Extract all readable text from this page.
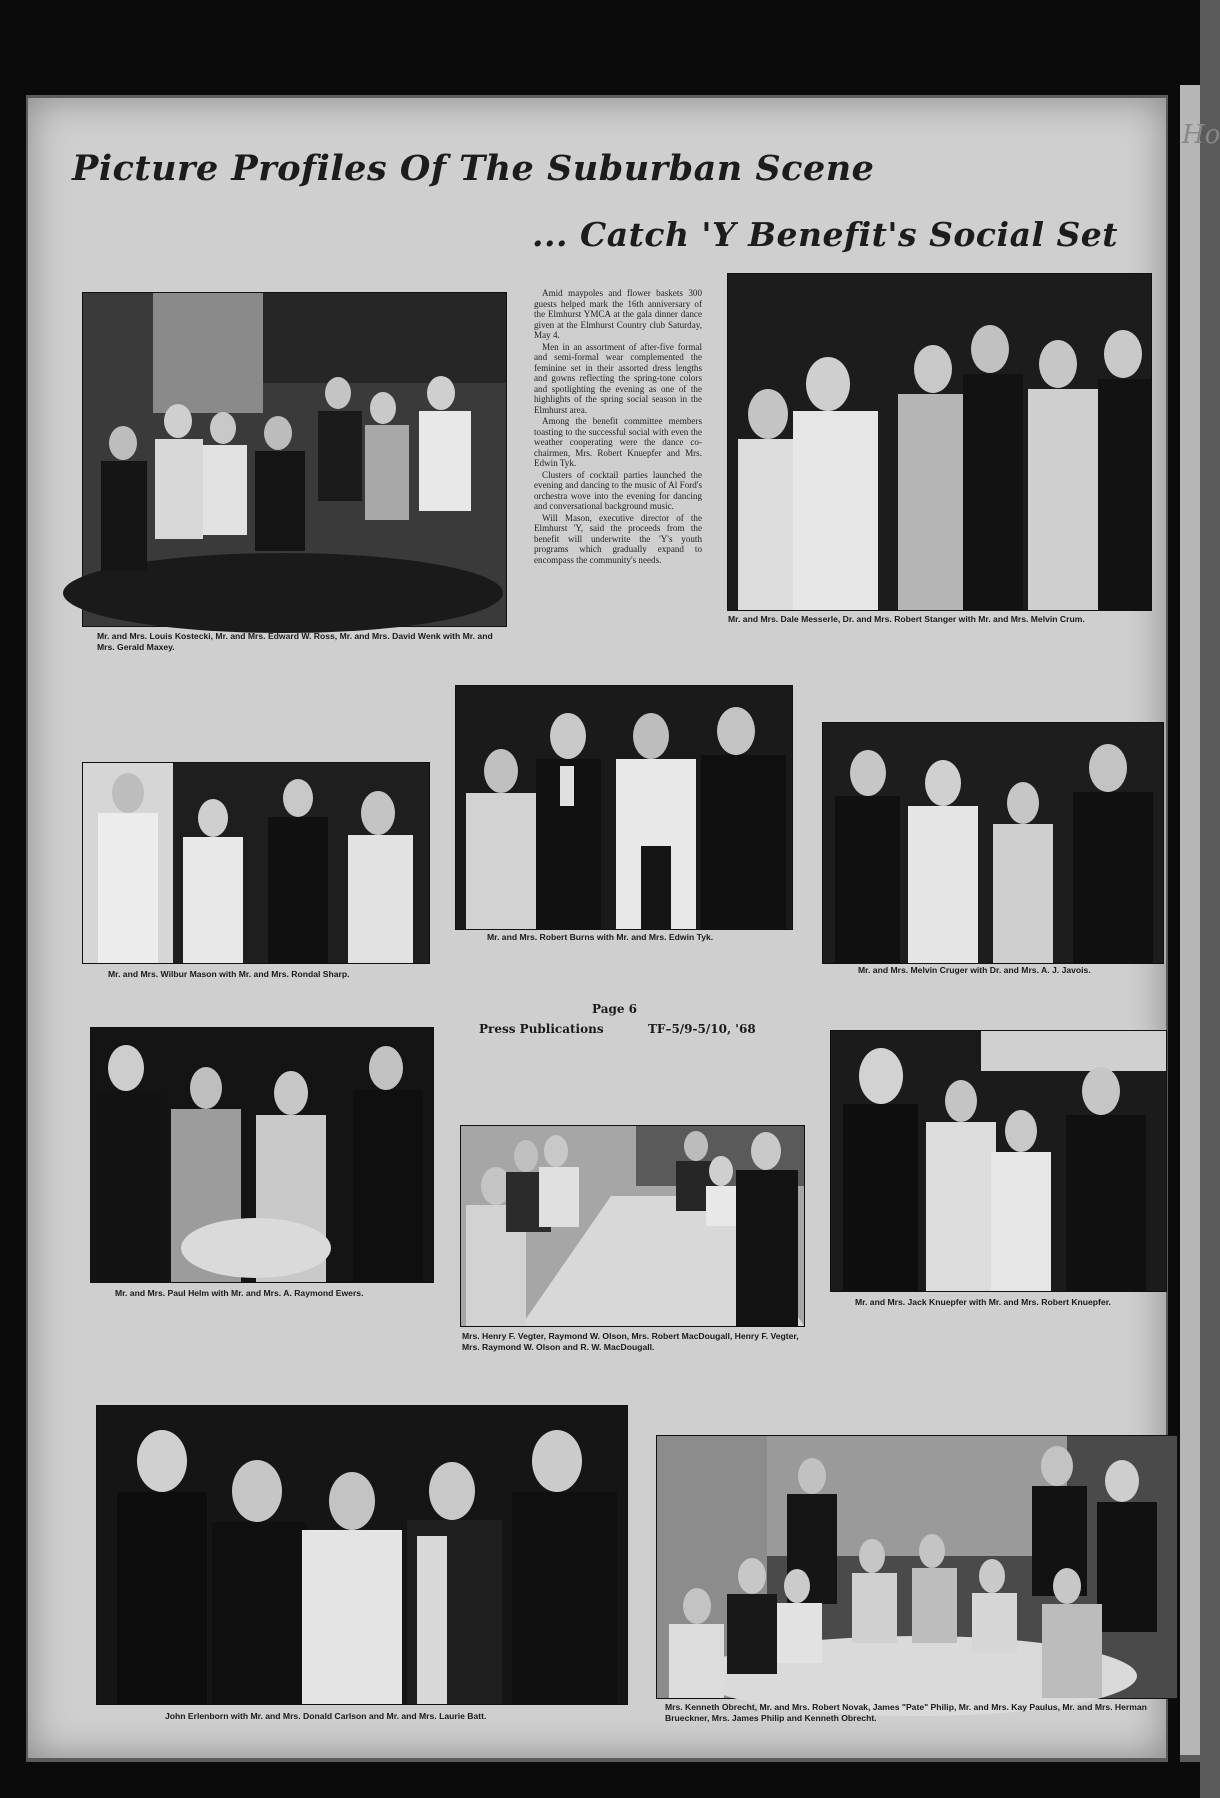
Ho
Picture Profiles Of The Suburban Scene
... Catch 'Y Benefit's Social Set

Amid maypoles and flower baskets 300 guests helped mark the 16th anniversary of the Elmhurst YMCA at the gala dinner dance given at the Elmhurst Country club Saturday, May 4.

Men in an assortment of after-five formal and semi-formal wear complemented the feminine set in their assorted dress lengths and gowns reflecting the spring-tone colors and spotlighting the evening as one of the highlights of the spring social season in the Elmhurst area.

Among the benefit committee members toasting to the successful social with even the weather cooperating were the dance co-chairmen, Mrs. Robert Knuepfer and Mrs. Edwin Tyk.

Clusters of cocktail parties launched the evening and dancing to the music of Al Ford's orchestra wove into the evening for dancing and conversational background music.

Will Mason, executive director of the Elmhurst 'Y, said the proceeds from the benefit will underwrite the 'Y's youth programs which gradually expand to encompass the community's needs.

Mr. and Mrs. Louis Kostecki, Mr. and Mrs. Edward W. Ross, Mr. and Mrs. David Wenk with Mr. and Mrs. Gerald Maxey.

Mr. and Mrs. Dale Messerle, Dr. and Mrs. Robert Stanger with Mr. and Mrs. Melvin Crum.

Mr. and Mrs. Wilbur Mason with Mr. and Mrs. Rondal Sharp.

Mr. and Mrs. Robert Burns with Mr. and Mrs. Edwin Tyk.

Mr. and Mrs. Melvin Cruger with Dr. and Mrs. A. J. Javois.

Page 6

Press Publications	TF–5/9-5/10, '68

Mr. and Mrs. Paul Helm with Mr. and Mrs. A. Raymond Ewers.

Mrs. Henry F. Vegter, Raymond W. Olson, Mrs. Robert MacDougall, Henry F. Vegter, Mrs. Raymond W. Olson and R. W. MacDougall.

Mr. and Mrs. Jack Knuepfer with Mr. and Mrs. Robert Knuepfer.

John Erlenborn with Mr. and Mrs. Donald Carlson and Mr. and Mrs. Laurie Batt.

Mrs. Kenneth Obrecht, Mr. and Mrs. Robert Novak, James "Pate" Philip, Mr. and Mrs. Kay Paulus, Mr. and Mrs. Herman Brueckner, Mrs. James Philip and Kenneth Obrecht.
